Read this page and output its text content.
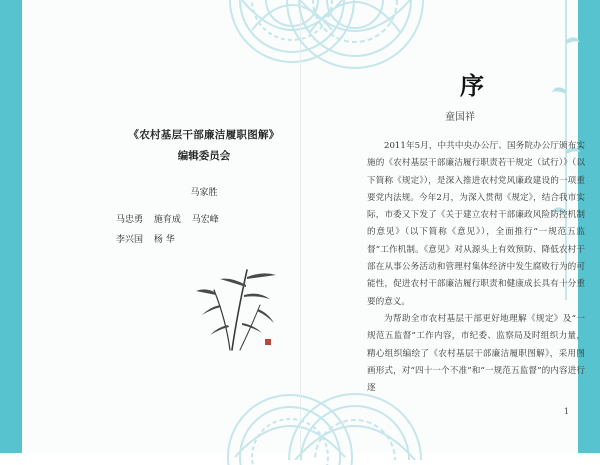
《农村基层干部廉洁履职图解》
编辑委员会
马家胜
马忠勇 施育成 马宏峰
李兴国 杨 华
序
童国祥

2011年5月，中共中央办公厅、国务院办公厅颁布实施的《农村基层干部廉洁履行职责若干规定（试行）》（以下简称《规定》），是深入推进农村党风廉政建设的一项重要党内法规。今年2月，为深入贯彻《规定》，结合我市实际，市委又下发了《关于建立农村干部廉政风险防控机制的意见》（以下简称《意见》），全面推行“一规范五监督”工作机制。《意见》对从源头上有效预防、降低农村干部在从事公务活动和管理村集体经济中发生腐败行为的可能性，促进农村干部廉洁履行职责和健康成长具有十分重要的意义。

为帮助全市农村基层干部更好地理解《规定》及“一规范五监督”工作内容，市纪委、监察局及时组织力量，精心组织编绘了《农村基层干部廉洁履职图解》，采用图画形式，对“四十一个不准”和“一规范五监督”的内容进行逐

1
